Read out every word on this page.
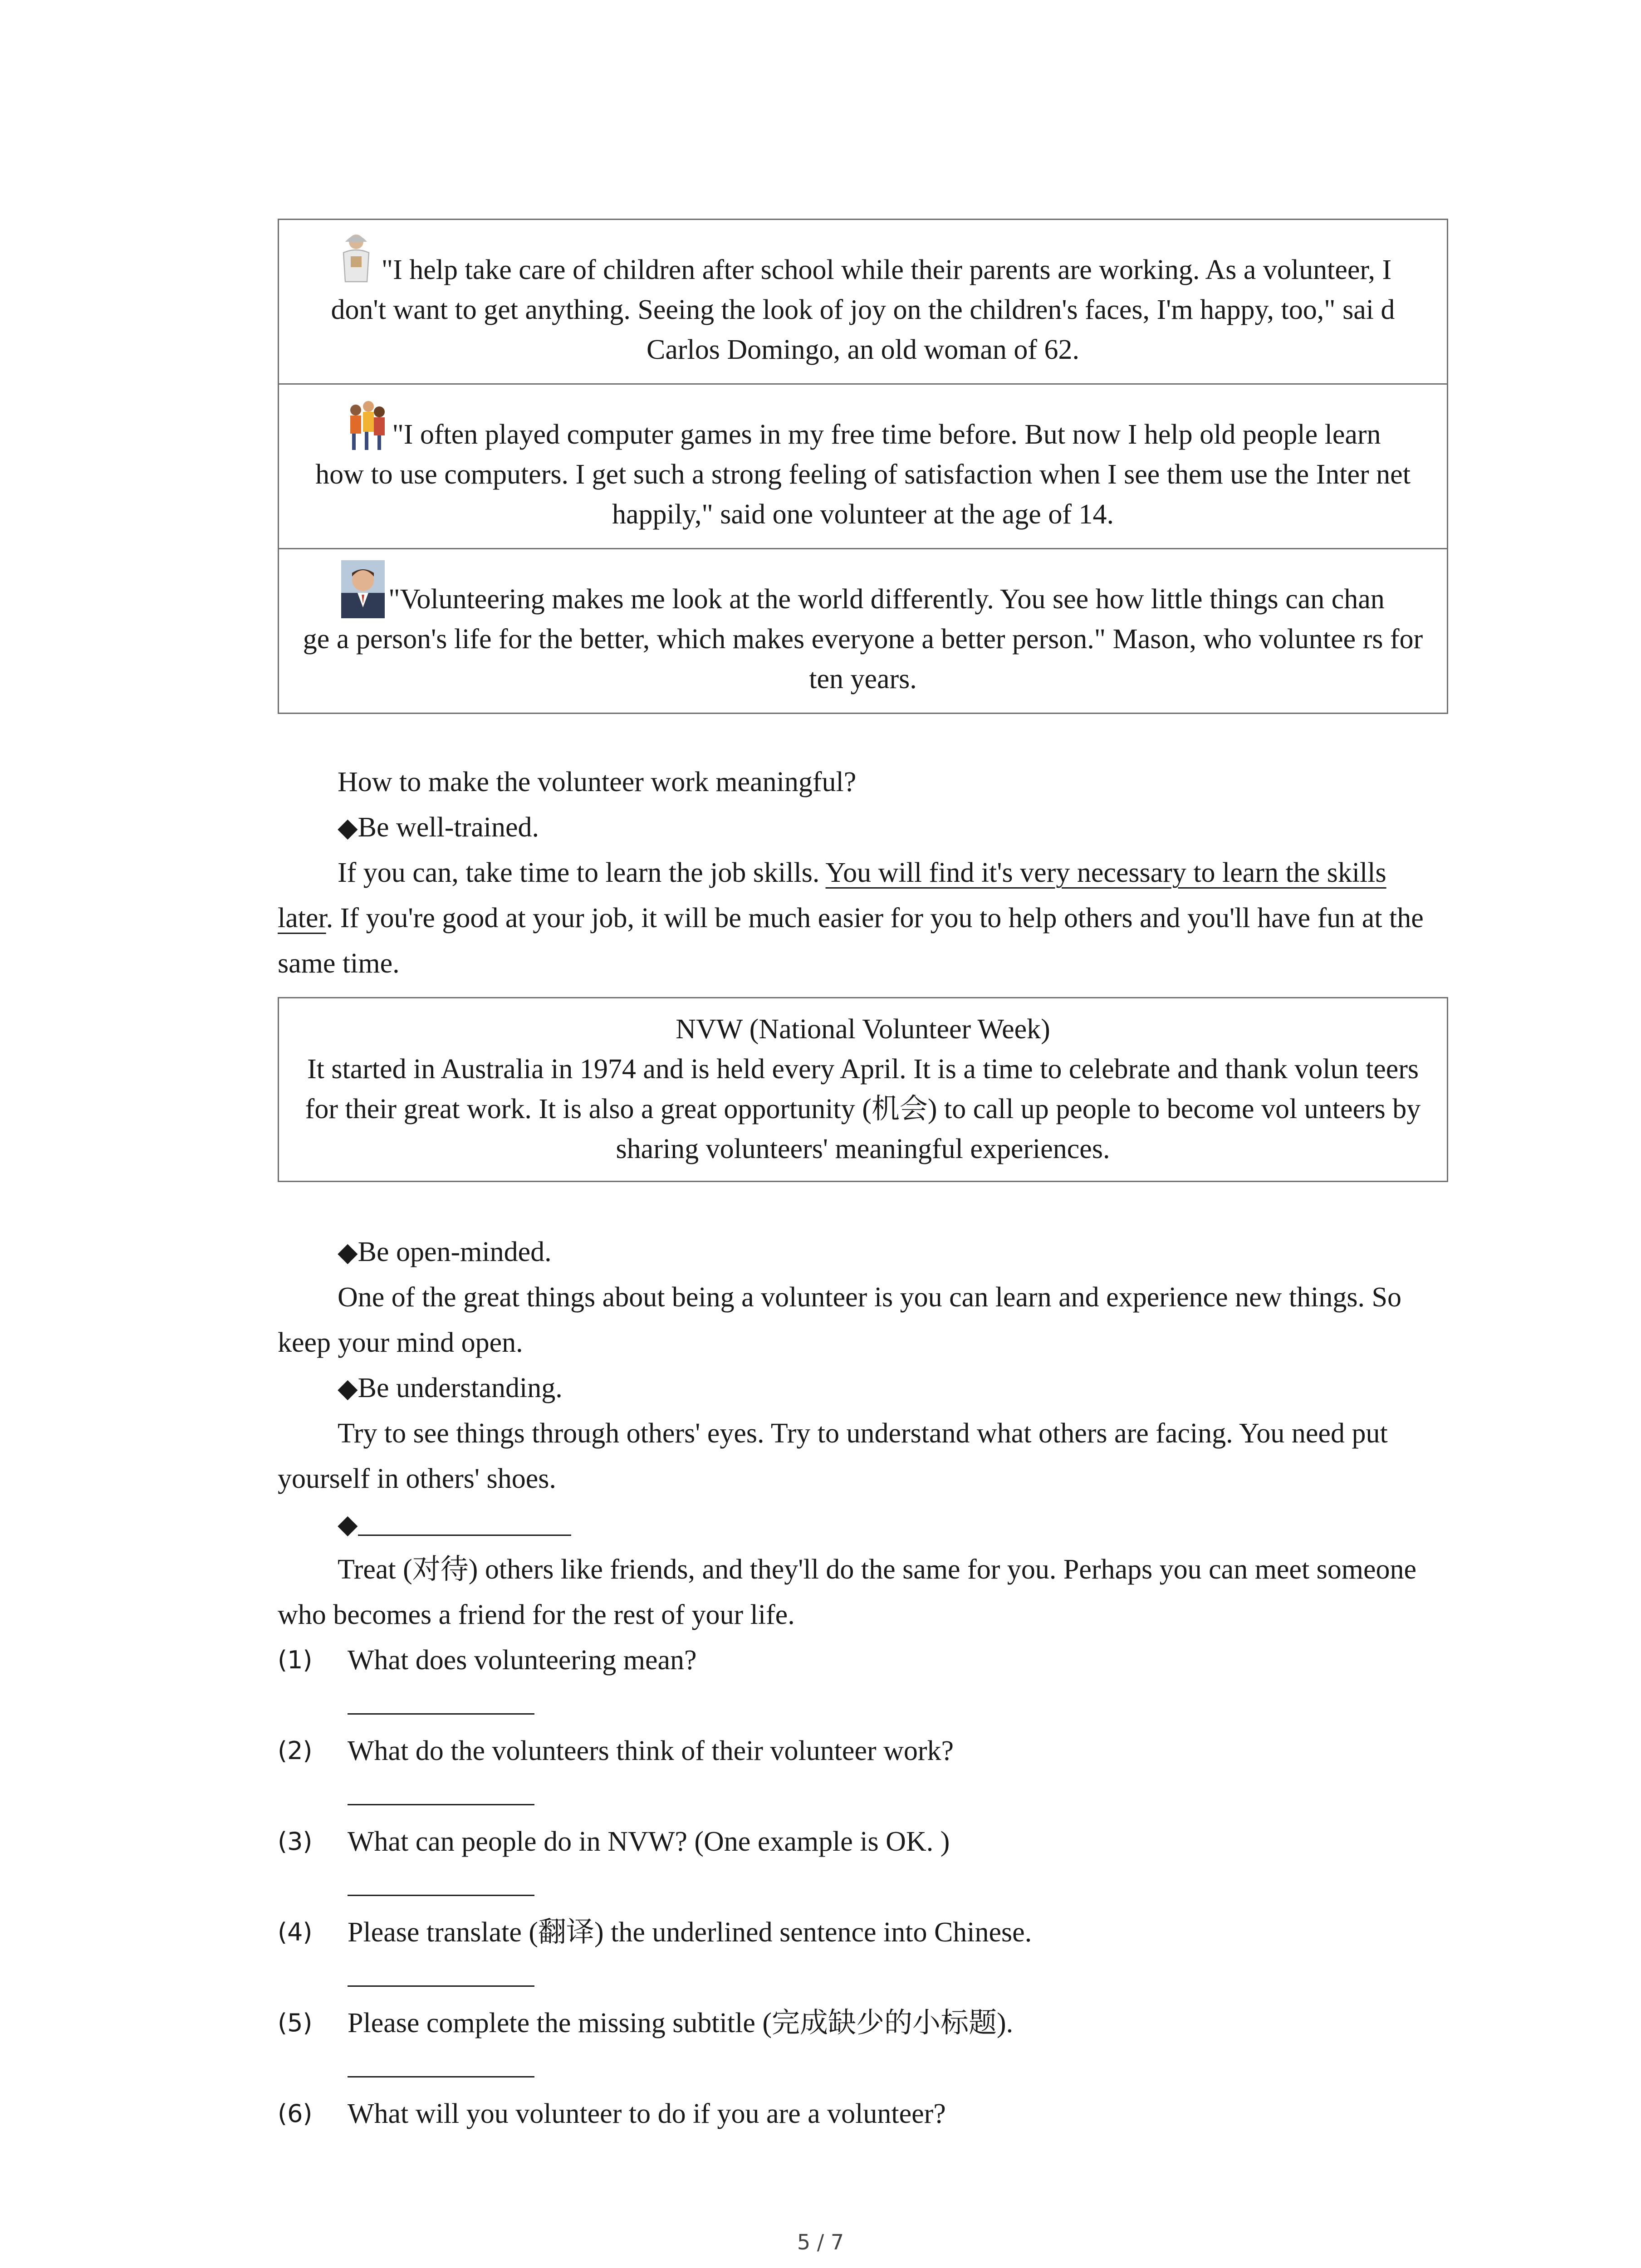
"I help take care of children after school while their parents are working. As a volunteer, I
don't want to get anything. Seeing the look of joy on the children's faces, I'm happy, too," sai d Carlos Domingo, an old woman of 62.
"I often played computer games in my free time before. But now I help old people learn
how to use computers. I get such a strong feeling of satisfaction when I see them use the Inter net happily," said one volunteer at the age of 14.
"Volunteering makes me look at the world differently. You see how little things can chan
ge a person's life for the better, which makes everyone a better person." Mason, who voluntee rs for ten years.

How to make the volunteer work meaningful?

◆Be well-trained.

If you can, take time to learn the job skills. You will find it's very necessary to learn the skills later. If you're good at your job, it will be much easier for you to help others and you'll have fun at the same time.

NVW (National Volunteer Week)
It started in Australia in 1974 and is held every April. It is a time to celebrate and thank volun teers for their great work. It is also a great opportunity (机会) to call up people to become vol unteers by sharing volunteers' meaningful experiences.

◆Be open-minded.

One of the great things about being a volunteer is you can learn and experience new things. So keep your mind open.

◆Be understanding.

Try to see things through others' eyes. Try to understand what others are facing. You need put yourself in others' shoes.

◆

Treat (对待) others like friends, and they'll do the same for you. Perhaps you can meet someone who becomes a friend for the rest of your life.

(1) What does volunteering mean?
(2) What do the volunteers think of their volunteer work?
(3) What can people do in NVW? (One example is OK. )
(4) Please translate (翻译) the underlined sentence into Chinese.
(5) Please complete the missing subtitle (完成缺少的小标题).
(6) What will you volunteer to do if you are a volunteer?
5 / 7
